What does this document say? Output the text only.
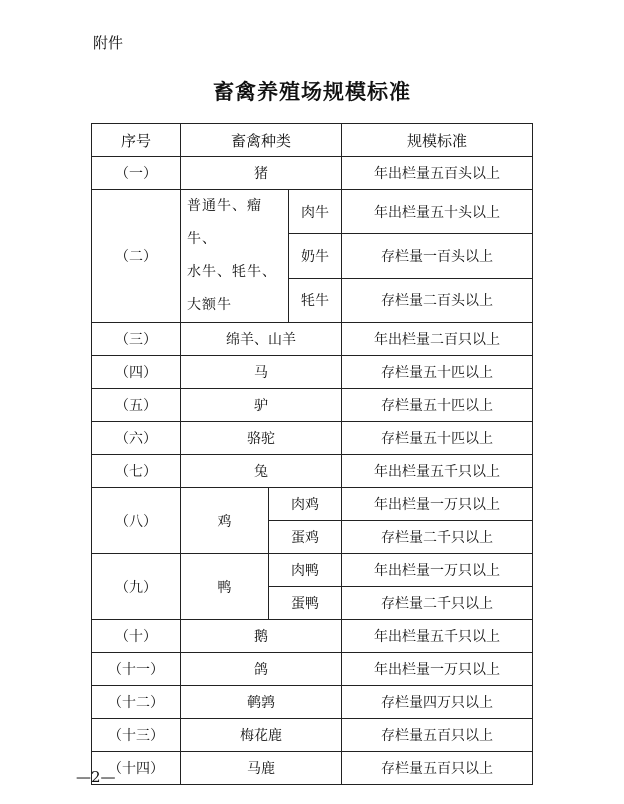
附件
畜禽养殖场规模标准
序号	畜禽种类			规模标准
（一）	猪			年出栏量五百头以上
（二）	普通牛、瘤牛、
水牛、牦牛、
大额牛		肉牛	年出栏量五十头以上
			奶牛	存栏量一百头以上
			牦牛	存栏量二百头以上
（三）	绵羊、山羊			年出栏量二百只以上
（四）	马			存栏量五十匹以上
（五）	驴			存栏量五十匹以上
（六）	骆驼			存栏量五十匹以上
（七）	兔			年出栏量五千只以上
（八）	鸡	肉鸡		年出栏量一万只以上
		蛋鸡		存栏量二千只以上
（九）	鸭	肉鸭		年出栏量一万只以上
		蛋鸭		存栏量二千只以上
（十）	鹅			年出栏量五千只以上
（十一）	鸽			年出栏量一万只以上
（十二）	鹌鹑			存栏量四万只以上
（十三）	梅花鹿			存栏量五百只以上
（十四）	马鹿			存栏量五百只以上
—2—
